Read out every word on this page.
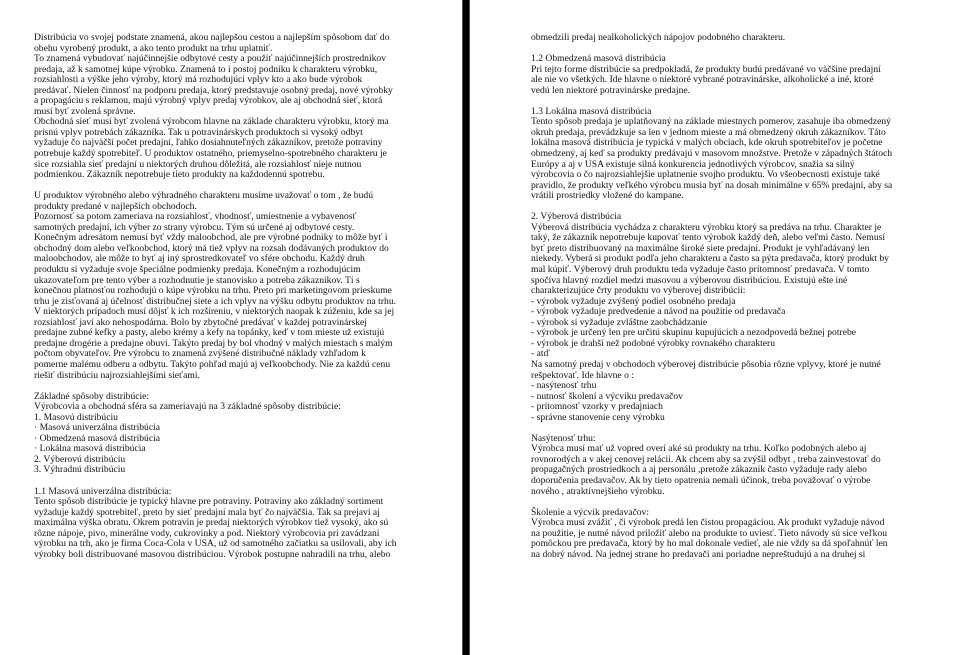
Distribúcia vo svojej podstate znamená, akou najlepšou cestou a najlepším spôsobom dať do
obehu vyrobený produkt, a ako tento produkt na trhu uplatniť.
To znamená vybudovať najúčinnejšie odbytové cesty a použiť najúčinnejších prostredníkov
predaja, až k samotnej kúpe výrobku. Znamená to i postoj podniku k charakteru výrobku,
rozsiahlosti a výške jeho výroby, ktorý má rozhodujúci vplyv kto a ako bude výrobok
predávať. Nielen činnosť na podporu predaja, ktorý predstavuje osobný predaj, nové výrobky
a propagáciu s reklamou, majú výrobný vplyv predaj výrobkov, ale aj obchodná sieť, ktorá
musí byť zvolená správne.
Obchodná sieť musí byť zvolená výrobcom hlavne na základe charakteru výrobku, ktorý ma
prísnú vplyv potrebách zákazníka. Tak u potravinárskych produktoch si vysoký odbyt
vyžaduje čo najväčší počet predajní, ľahko dosiahnuteľných zákazníkov, pretože potraviny
potrebuje každý spotrebiteľ. U produktov ostatného, priemyselno-spotrebného charakteru je
sice rozsiahla sieť predajní u niektorých druhou dôležitá, ale rozsiahlosť nieje nutnou
podmienkou. Zákazník nepotrebuje tieto produkty na každodennú spotrebu.
U produktov výrobného alebo výhradného charakteru musíme uvažovať o tom , že budú
produkty predané v najlepších obchodoch.
Pozornosť sa potom zameriava na rozsiahlosť, vhodnosť, umiestnenie a vybavenosť
samotných predajní, ich výber zo strany výrobcu. Tým sú určené aj odbytové cesty.
Konečným adresátom nemusí byť vždy maloobchod, ale pre výrobné podniky to môže byť i
obchodný dom alebo veľkoobchod, ktorý má tiež vplyv na rozsah dodávaných produktov do
maloobchodov, ale môže to byť aj iný sprostredkovateľ vo sfére obchodu. Každý druh
produktu si vyžaduje svoje špeciálne podmienky predaja. Konečným a rozhodujúcim
ukazovateľom pre tento výber a rozhodnutie je stanovisko a potreba zákazníkov. Tí s
konečnou platnosťou rozhodujú o kúpe výrobku na trhu. Preto pri marketingovom prieskume
trhu je zisťovaná aj účelnosť distribučnej siete a ich vplyv na výšku odbytu produktov na trhu.
V niektorých prípadoch musí dôjsť k ich rozšíreniu, v niektorých naopak k zúženiu, kde sa jej
rozsiahlosť javí ako nehospodárna. Bolo by zbytočné predávať v každej potravinárskej
predajne zubné kefky a pasty, alebo krémy a kefy na topánky, keď v tom mieste už existujú
predajne drogérie a predajne obuvi. Takýto predaj by bol vhodný v malých miestach s malým
počtom obyvateľov. Pre výrobcu to znamená zvýšené distribučné náklady vzhľadom k
pomerne malému odberu a odbytu. Takýto pohľad majú aj veľkoobchody. Nie za každú cenu
riešiť distribúciu najrozsiahlejšími sieťami.
Základné spôsoby distribúcie:
Výrobcovia a obchodná sféra sa zameriavajú na 3 základné spôsoby distribúcie:
1. Masovú distribúciu
· Masová univerzálna distribúcia
· Obmedzená masová distribúcia
· Lokálna masová distribúcia
2. Výberovú distribúciu
3. Výhradnú distribúciu
1.1 Masová univerzálna distribúcia:
Tento spôsob distribúcie je typický hlavne pre potraviny. Potraviny ako základný sortiment
vyžaduje každý spotrebiteľ, preto by sieť predajní mala byť čo najväčšia. Tak sa prejaví aj
maximálna výška obratu. Okrem potravín je predaj niektorých výrobkov tiež vysoký, ako sú
rôzne nápoje, pivo, minerálne vody, cukrovinky a pod. Niektorý výrobcovia pri zavádzaní
výrobku na trh, ako je firma Coca-Cola v USA, už od samotného začiatku sa usilovali, aby ich
výrobky boli distribuované masovou distribúciou. Výrobok postupne nahradili na trhu, alebo
obmedzili predaj nealkoholických nápojov podobného charakteru.
1.2 Obmedzená masová distribúcia
Pri tejto forme distribúcie sa predpokladá, že produkty budú predávané vo väčšine predajní
ale nie vo všetkých. Ide hlavne o niektoré vybrané potravinárske, alkoholické a iné, ktoré
vedú len niektoré potravinárske predajne.
1.3 Lokálna masová distribúcia
Tento spôsob predaja je uplatňovaný na základe miestnych pomerov, zasahuje iba obmedzený
okruh predaja, prevádzkuje sa len v jednom mieste a má obmedzený okruh zákazníkov. Táto
lokálna masová distribúcia je typická v malých obciach, kde okruh spotrebiteľov je početne
obmedzený, aj keď sa produkty predávajú v masovom množstve. Pretože v západných štátoch
Európy a aj v USA existuje silná konkurencia jednotlivých výrobcov, snažia sa silný
výrobcovia o čo najrozsiahlejšie uplatnenie svojho produktu. Vo všeobecnosti existuje také
pravidlo, že produkty veľkého výrobcu musia byť na dosah minimálne v 65% predajní, aby sa
vrátili prostriedky vložené do kampane.
2. Výberová distribúcia
Výberová distribúcia vychádza z charakteru výrobku ktorý sa predáva na trhu. Charakter je
taký, že zákazník nepotrebuje kupovať tento výrobok každý deň, alebo veľmi často. Nemusí
byť preto distribuovaný na maximálne široké siete predajní. Produkt je vyhľadávaný len
niekedy. Vyberá si produkt podľa jeho charakteru a často sa pýta predavača, ktorý produkt by
mal kúpiť. Výberový druh produktu teda vyžaduje často prítomnosť predavača. V tomto
spočíva hlavný rozdiel medzi masovou a výberovou distribúciou. Existujú ešte iné
charakterizujúce črty produktu vo výberovej distribúcii:
- výrobok vyžaduje zvýšený podiel osobného predaja
- výrobok vyžaduje predvedenie a návod na použitie od predavača
- výrobok si vyžaduje zvláštne zaobchádzanie
- výrobok je určený len pre určitú skupinu kupujúcich a nezodpovedá bežnej potrebe
- výrobok je drahší než podobné výrobky rovnakého charakteru
- atď
Na samotný predaj v obchodoch výberovej distribúcie pôsobia rôzne vplyvy, ktoré je nutné
rešpektovať. Ide hlavne o :
- nasýtenosť trhu
- nutnosť školení a výcviku predavačov
- prítomnosť vzorky v predajniach
- správne stanovenie ceny výrobku
Nasýtenosť trhu:
Výrobca musí mať už vopred overí aké sú produkty na trhu. Koľko podobných alebo aj
rovnorodých a v akej cenovej relácii. Ak chcem aby sa zvýšil odbyt , treba zainvestovať do
propagačných prostriedkoch a aj personálu ,pretože zákazník často vyžaduje rady alebo
doporučenia predavačov. Ak by tieto opatrenia nemali účinok, treba považovať o výrobe
nového , atraktívnejšieho výrobku.
Školenie a výcvik predavačov:
Výrobca musí zvážiť , či výrobok predá len čistou propagáciou. Ak produkt vyžaduje návod
na použitie, je nutné návod priložiť alebo na produkte to uviesť. Tieto návody sú sice veľkou
pomôckou pre predavača, ktorý by ho mal dokonale vedieť, ale nie vždy sa dá spoľahnúť len
na dobrý návod. Na jednej strane ho predavači ani poriadne nepreštudujú a na druhej si
